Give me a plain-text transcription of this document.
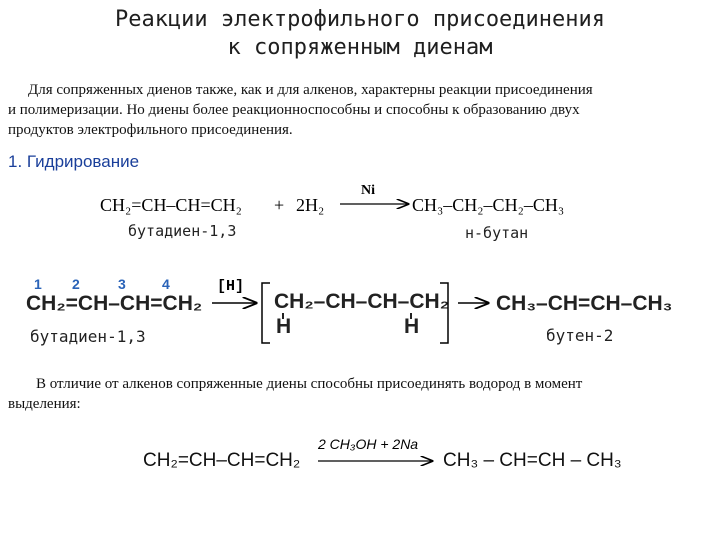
Реакции электрофильного присоединения
к сопряженным диенам
Для сопряженных диенов также, как и для алкенов, характерны реакции присоединения
и полимеризации. Но диены более реакционноспособны и способны к образованию двух
продуктов электрофильного присоединения.
1. Гидрирование
CH₂=CH–CH=CH₂ + 2H₂
Ni
CH₃–CH₂–CH₂–CH₃
бутадиен-1,3	н-бутан
1 2	3	4
CH₂=CH–CH=CH₂
[H]
CH₂–CH–CH–CH₂
H	H
CH₃–CH=CH–CH₃
бутадиен-1,3	бутен-2
В отличие от алкенов сопряженные диены способны присоединять водород в момент
выделения:
CH₂=CH–CH=CH₂
2 CH₃OH + 2Na
CH₃ – CH=CH – CH₃
